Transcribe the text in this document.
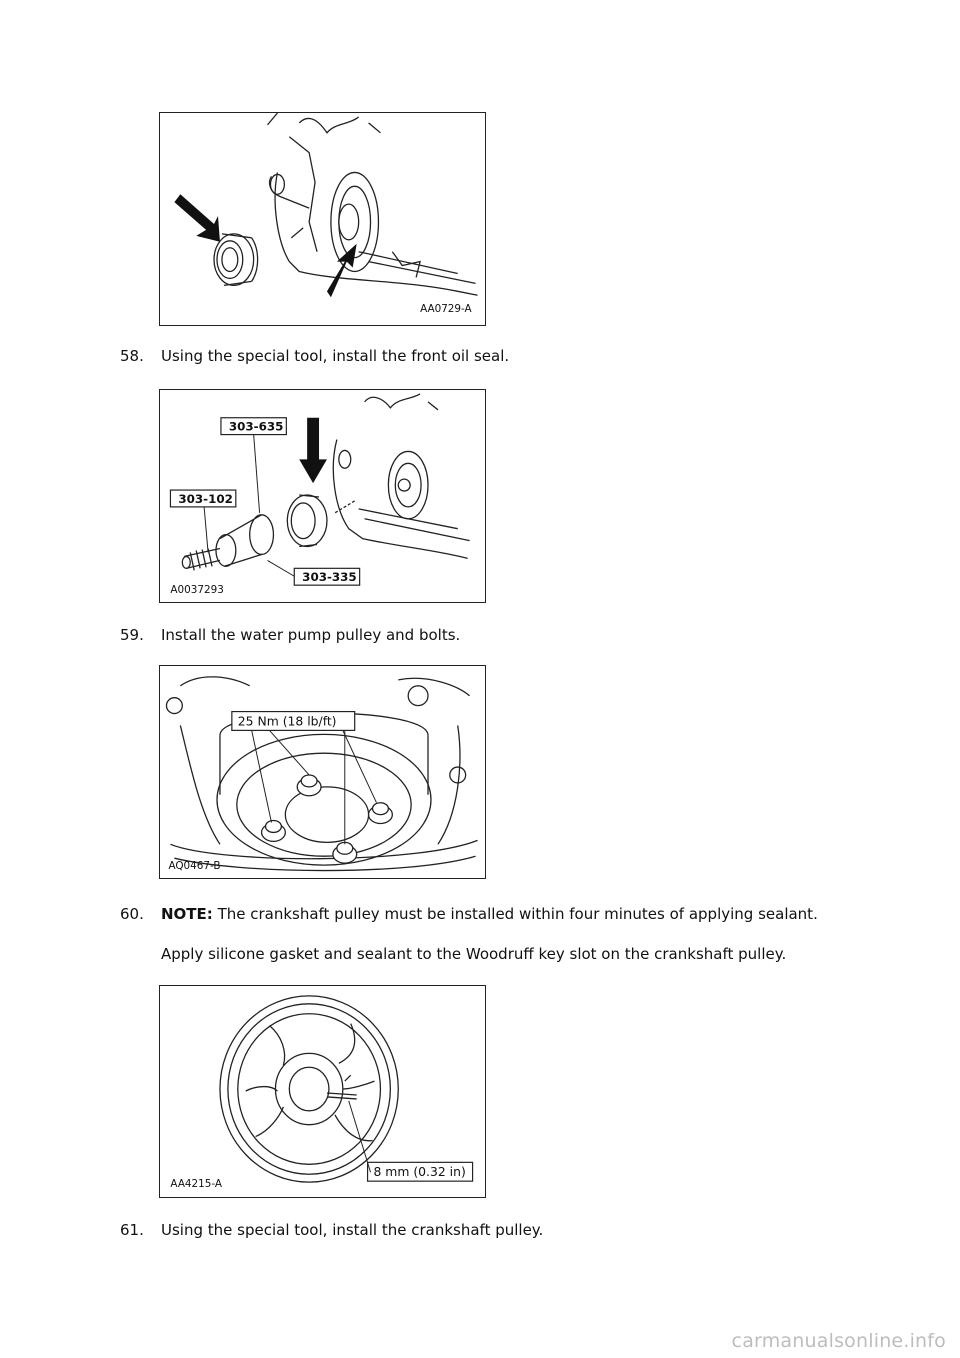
AA0729-A
58. Using the special tool, install the front oil seal.
303-635
303-102
303-335
A0037293
59. Install the water pump pulley and bolts.
25 Nm (18 lb/ft)
AQ0467-B
60. NOTE: The crankshaft pulley must be installed within four minutes of applying sealant.
Apply silicone gasket and sealant to the Woodruff key slot on the crankshaft pulley.
8 mm (0.32 in)
AA4215-A
61. Using the special tool, install the crankshaft pulley.
carmanualsonline.info
